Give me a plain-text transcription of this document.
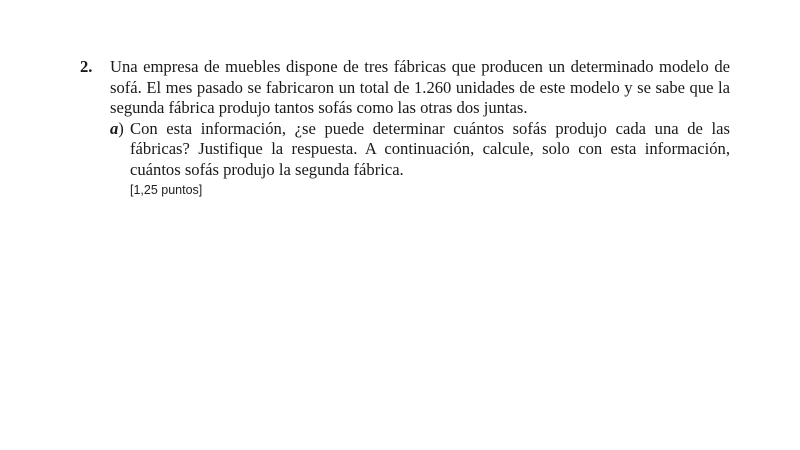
2. Una empresa de muebles dispone de tres fábricas que producen un determinado modelo de sofá. El mes pasado se fabricaron un total de 1.260 unidades de este modelo y se sabe que la segunda fábrica produjo tantos sofás como las otras dos juntas.
a) Con esta información, ¿se puede determinar cuántos sofás produjo cada una de las fábricas? Justifique la respuesta. A continuación, calcule, solo con esta información, cuántos sofás produjo la segunda fábrica.
[1,25 puntos]
